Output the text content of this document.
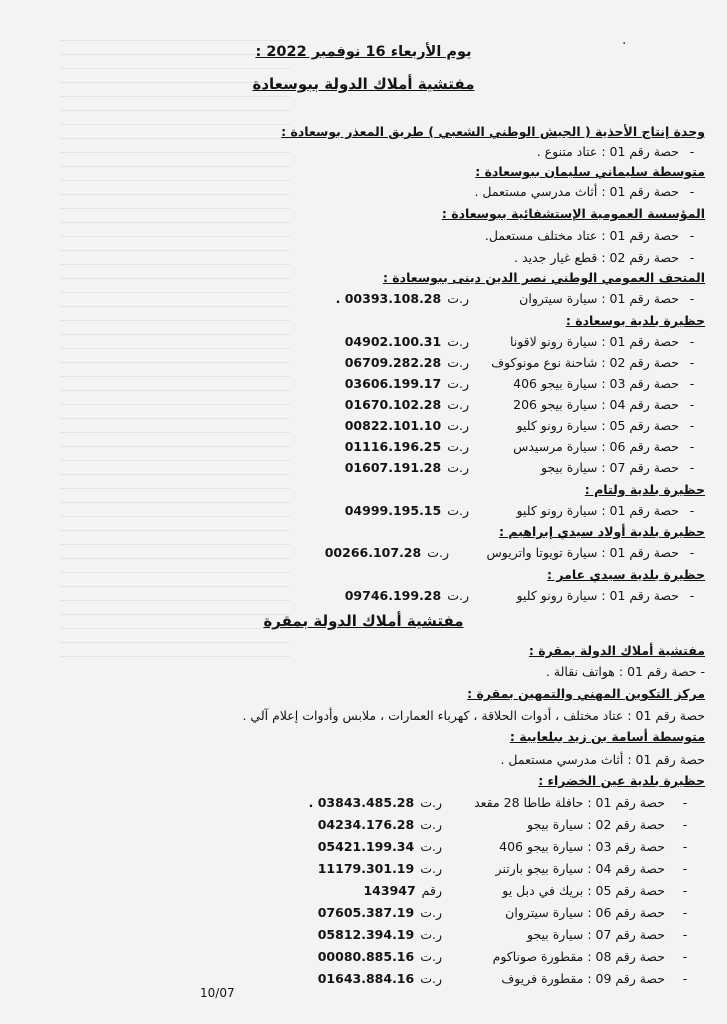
·
يوم الأربعاء 16 نوفمبر 2022 :
مفتشية أملاك الدولة ببوسعادة
وحدة إنتاج الأحذية ( الجيش الوطني الشعبي ) طريق المعذر بوسعادة :
-حصة رقم 01 : عتاد متنوع .
متوسطة سليماني سليمان ببوسعادة :
-حصة رقم 01 : أثاث مدرسي مستعمل .
المؤسسة العمومية الإستشفائية ببوسعادة :
-حصة رقم 01 : عتاد مختلف مستعمل.
-حصة رقم 02 : قطع غيار جديد .
المتحف العمومي الوطني نصر الدين دينى ببوسعادة :
-حصة رقم 01 : سيارة سيتروان
ر.ت00393.108.28 .
حظيرة بلدية بوسعادة :
-حصة رقم 01 : سيارة رونو لاقونا
ر.ت04902.100.31
-حصة رقم 02 : شاحنة نوع مونوكوف
ر.ت06709.282.28
-حصة رقم 03 : سيارة بيجو 406
ر.ت03606.199.17
-حصة رقم 04 : سيارة بيجو 206
ر.ت01670.102.28
-حصة رقم 05 : سيارة رونو كليو
ر.ت00822.101.10
-حصة رقم 06 : سيارة مرسيدس
ر.ت01116.196.25
-حصة رقم 07 : سيارة بيجو
ر.ت01607.191.28
حظيرة بلدية ولتام :
-حصة رقم 01 : سيارة رونو كليو
ر.ت04999.195.15
حظيرة بلدية أولاد سيدي إبراهيم :
-حصة رقم 01 : سيارة تويوتا واتريوس
ر.ت00266.107.28
حظيرة بلدية سيدي عامر :
-حصة رقم 01 : سيارة رونو كليو
ر.ت09746.199.28
مفتشية أملاك الدولة بمقرة
مفتشية أملاك الدولة بمقرة :
- حصة رقم 01 : هواتف نقالة .
مركز التكوين المهني والتمهين بمقرة :
حصة رقم 01 : عتاد مختلف ، أدوات الحلاقة ، كهرباء العمارات ، ملابس وأدوات إعلام آلي .
متوسطة أسامة بن زيد ببلعايبة :
حصة رقم 01 : أثاث مدرسي مستعمل .
حظيرة بلدية عين الخضراء :
-حصة رقم 01 : حافلة طاطا 28 مقعد
ر.ت03843.485.28 .
-حصة رقم 02 : سيارة بيجو
ر.ت04234.176.28
-حصة رقم 03 : سيارة بيجو 406
ر.ت05421.199.34
-حصة رقم 04 : سيارة بيجو بارتنر
ر.ت11179.301.19
-حصة رقم 05 : بريك في دبل يو
رقم143947
-حصة رقم 06 : سيارة سيتروان
ر.ت07605.387.19
-حصة رقم 07 : سيارة بيجو
ر.ت05812.394.19
-حصة رقم 08 : مقطورة صوناكوم
ر.ت00080.885.16
-حصة رقم 09 : مقطورة فريوف
ر.ت01643.884.16
10/07
